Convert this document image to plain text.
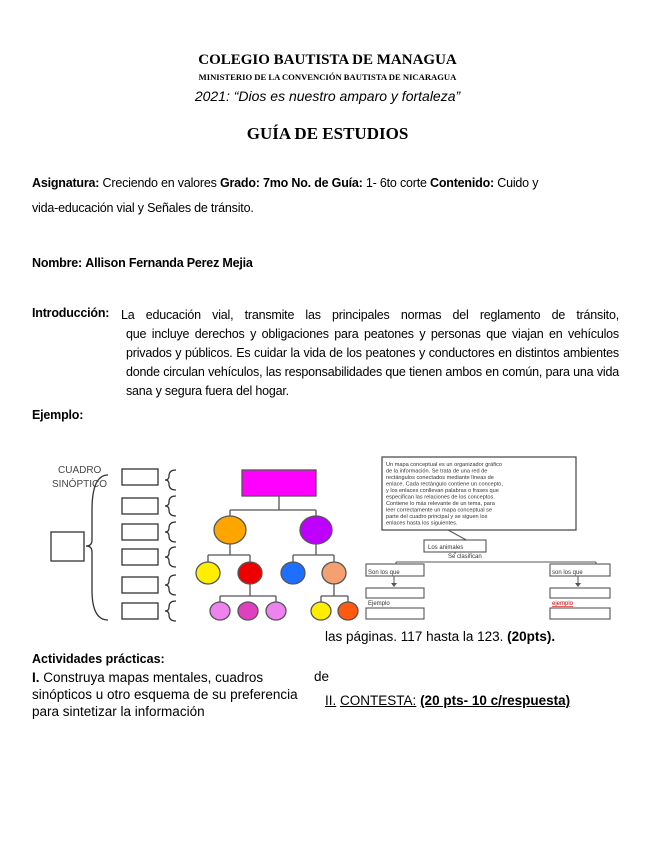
COLEGIO BAUTISTA DE MANAGUA
MINISTERIO DE LA CONVENCIÓN BAUTISTA DE NICARAGUA
2021: “Dios es nuestro amparo y fortaleza”
GUÍA DE ESTUDIOS
Asignatura: Creciendo en valores Grado: 7mo No. de Guía: 1- 6to corte Contenido: Cuido y
vida-educación vial y Señales de tránsito.
Nombre: Allison Fernanda Perez Mejia
Introducción: La educación vial, transmite las principales normas del reglamento de tránsito,
que incluye derechos y obligaciones para peatones y personas que viajan en vehículos privados y públicos. Es cuidar la vida de los peatones y conductores en distintos ambientes donde circulan vehículos, las responsabilidades que tienen ambos en común, para una vida sana y segura fuera del hogar.
Ejemplo:
CUADRO
SINÓPTICO
Un mapa conceptual es un organizador gráfico
de la información. Se trata de una red de
rectángulos conectados mediante líneas de
enlace. Cada rectángulo contiene un concepto,
y los enlaces conllevan palabras o frases que
especifican las relaciones de los conceptos.
Contiene lo más relevante de un tema, para
leer correctamente un mapa conceptual se
parte del cuadro principal y se siguen los
enlaces hasta los siguientes.
Los animales
Se clasifican
Son los que	son los que
Ejemplo	ejemplo
las páginas. 117 hasta la 123. (20pts).
Actividades prácticas:
I. Construya mapas mentales, cuadros sinópticos u otro esquema de su preferencia para sintetizar la información
de
II. CONTESTA: (20 pts- 10 c/respuesta)
